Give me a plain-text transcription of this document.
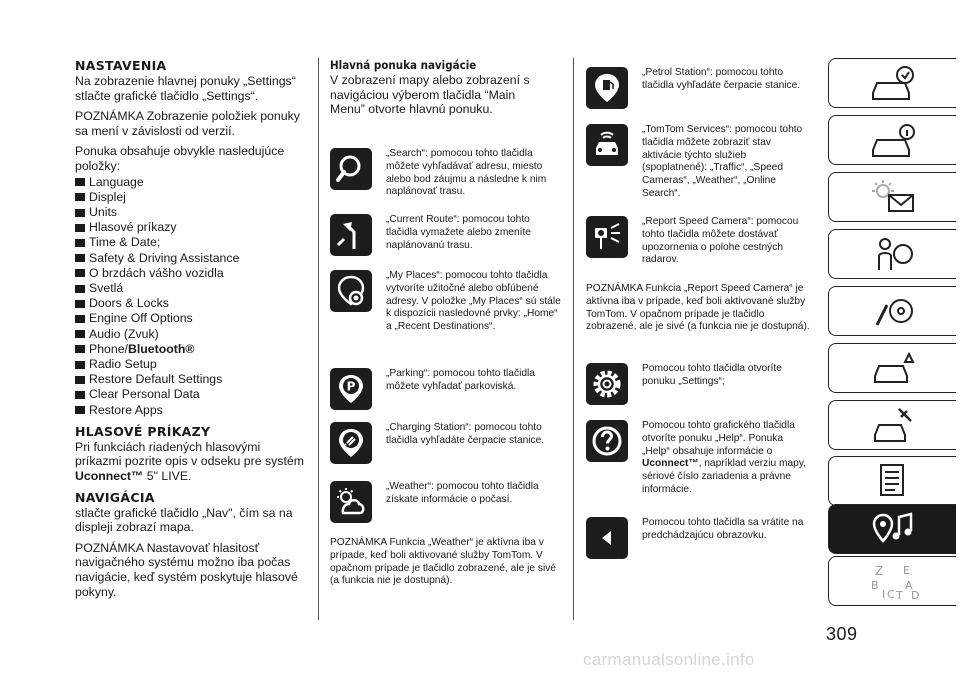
NASTAVENIA

Na zobrazenie hlavnej ponuky „Settings“ stlačte grafické tlačidlo „Settings“.

POZNÁMKA Zobrazenie položiek ponuky sa mení v závislosti od verzií.

Ponuka obsahuje obvykle nasledujúce položky:

Language
Displej
Units
Hlasové príkazy
Time & Date;
Safety & Driving Assistance
O brzdách vášho vozidla
Svetlá
Doors & Locks
Engine Off Options
Audio (Zvuk)
Phone/ Bluetooth®
Radio Setup
Restore Default Settings
Clear Personal Data
Restore Apps
HLASOVÉ PRÍKAZY

Pri funkciách riadených hlasovými príkazmi pozrite opis v odseku pre systém Uconnect™ 5" LIVE.

NAVIGÁCIA

stlačte grafické tlačidlo „Nav", čím sa na displeji zobrazí mapa.

POZNÁMKA Nastavovať hlasitosť navigačného systému možno iba počas navigácie, keď systém poskytuje hlasové pokyny.

Hlavná ponuka navigácie

V zobrazení mapy alebo zobrazení s navigáciou výberom tlačidla “Main Menu” otvorte hlavnú ponuku.

„Search“: pomocou tohto tlačidla môžete vyhľadávať adresu, miesto alebo bod záujmu a následne k nim naplánovať trasu.
„Current Route“: pomocou tohto tlačidla vymažete alebo zmeníte naplánovanú trasu.
„My Places“: pomocou tohto tlačidla vytvoríte užitočné alebo obľúbené adresy. V položke „My Places“ sú stále k dispozícii nasledovné prvky: „Home“ a „Recent Destinations“.
P
„Parking“: pomocou tohto tlačidla môžete vyhľadať parkoviská.
„Charging Station“: pomocou tohto tlačidla vyhľadáte čerpacie stanice.
„Weather“: pomocou tohto tlačidla získate informácie o počasí.
POZNÁMKA Funkcia „Weather“ je aktívna iba v prípade, keď boli aktivované služby TomTom. V opačnom prípade je tlačidlo zobrazené, ale je sivé (a funkcia nie je dostupná).
„Petrol Station“: pomocou tohto tlačidla vyhľadáte čerpacie stanice.
„TomTom Services“: pomocou tohto tlačidla môžete zobraziť stav aktivácie týchto služieb (spoplatnené): „Traffic“, „Speed Cameras“, „Weather“, „Online Search“.
„Report Speed Camera“: pomocou tohto tlačidla môžete dostávať upozornenia o polohe cestných radarov.
POZNÁMKA Funkcia „Report Speed Camera“ je aktívna iba v prípade, keď boli aktivované služby TomTom. V opačnom prípade je tlačidlo zobrazené, ale je sivé (a funkcia nie je dostupná).
Pomocou tohto tlačidla otvoríte ponuku „Settings“;
Pomocou tohto grafického tlačidla otvoríte ponuku „Help“. Ponuka „Help“ obsahuje informácie o Uconnect™, napríklad verziu mapy, sériové číslo zariadenia a právne informácie.
Pomocou tohto tlačidla sa vrátite na predchádzajúcu obrazovku.
Z E
B
C
A
I T D
309
carmanualsonline.info
